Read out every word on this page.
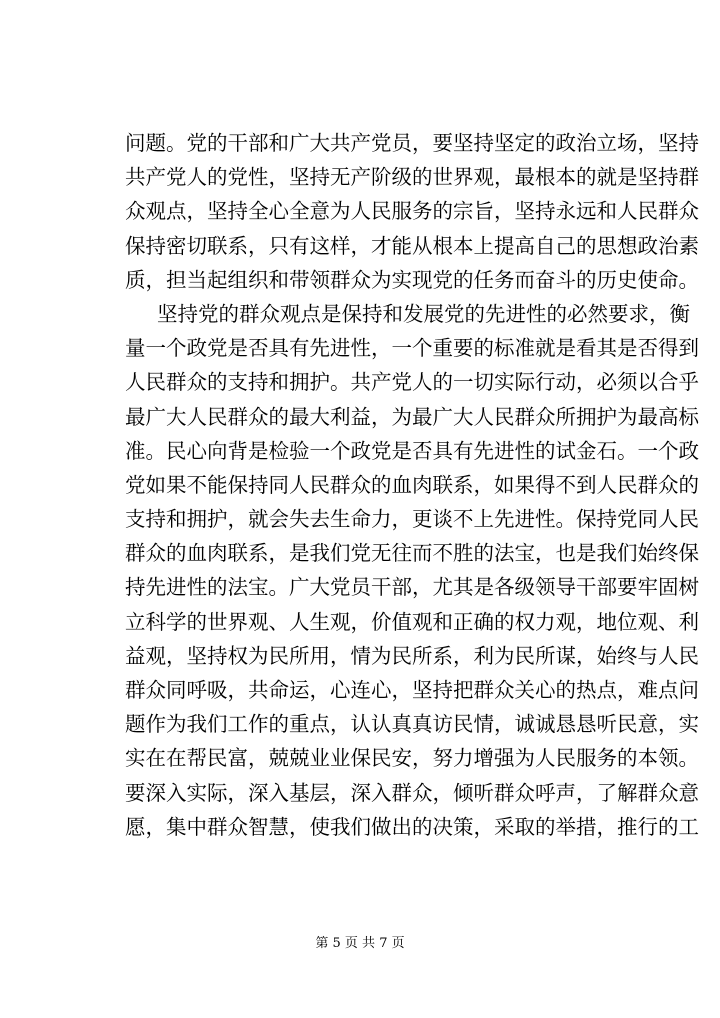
问题。党的干部和广大共产党员，要坚持坚定的政治立场，坚持
共产党人的党性，坚持无产阶级的世界观，最根本的就是坚持群
众观点，坚持全心全意为人民服务的宗旨，坚持永远和人民群众
保持密切联系，只有这样，才能从根本上提高自己的思想政治素
质，担当起组织和带领群众为实现党的任务而奋斗的历史使命。
坚持党的群众观点是保持和发展党的先进性的必然要求，衡
量一个政党是否具有先进性，一个重要的标准就是看其是否得到
人民群众的支持和拥护。共产党人的一切实际行动，必须以合乎
最广大人民群众的最大利益，为最广大人民群众所拥护为最高标
准。民心向背是检验一个政党是否具有先进性的试金石。一个政
党如果不能保持同人民群众的血肉联系，如果得不到人民群众的
支持和拥护，就会失去生命力，更谈不上先进性。保持党同人民
群众的血肉联系，是我们党无往而不胜的法宝，也是我们始终保
持先进性的法宝。广大党员干部，尤其是各级领导干部要牢固树
立科学的世界观、人生观，价值观和正确的权力观，地位观、利
益观，坚持权为民所用，情为民所系，利为民所谋，始终与人民
群众同呼吸，共命运，心连心，坚持把群众关心的热点，难点问
题作为我们工作的重点，认认真真访民情，诚诚恳恳听民意，实
实在在帮民富，兢兢业业保民安，努力增强为人民服务的本领。
要深入实际，深入基层，深入群众，倾听群众呼声，了解群众意
愿，集中群众智慧，使我们做出的决策，采取的举措，推行的工
第 5 页 共 7 页
